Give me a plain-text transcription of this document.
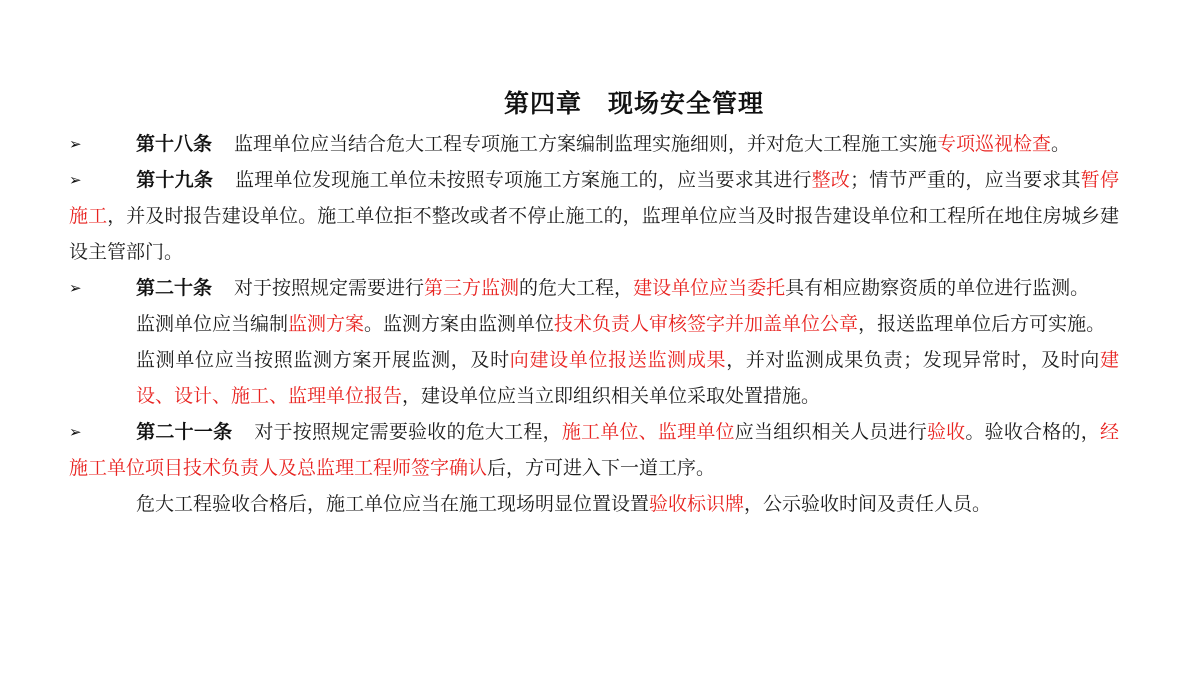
第四章　现场安全管理

➢	第十八条 监理单位应当结合危大工程专项施工方案编制监理实施细则，并对危大工程施工实施专项巡视检查。

➢	第十九条 监理单位发现施工单位未按照专项施工方案施工的，应当要求其进行整改；情节严重的，应当要求其暂停施工，并及时报告建设单位。施工单位拒不整改或者不停止施工的，监理单位应当及时报告建设单位和工程所在地住房城乡建设主管部门。

➢	第二十条 对于按照规定需要进行第三方监测的危大工程，建设单位应当委托具有相应勘察资质的单位进行监测。

监测单位应当编制监测方案。监测方案由监测单位技术负责人审核签字并加盖单位公章，报送监理单位后方可实施。

监测单位应当按照监测方案开展监测，及时向建设单位报送监测成果，并对监测成果负责；发现异常时，及时向建设、设计、施工、监理单位报告，建设单位应当立即组织相关单位采取处置措施。

➢	第二十一条 对于按照规定需要验收的危大工程，施工单位、监理单位应当组织相关人员进行验收。验收合格的，经施工单位项目技术负责人及总监理工程师签字确认后，方可进入下一道工序。

危大工程验收合格后，施工单位应当在施工现场明显位置设置验收标识牌，公示验收时间及责任人员。
